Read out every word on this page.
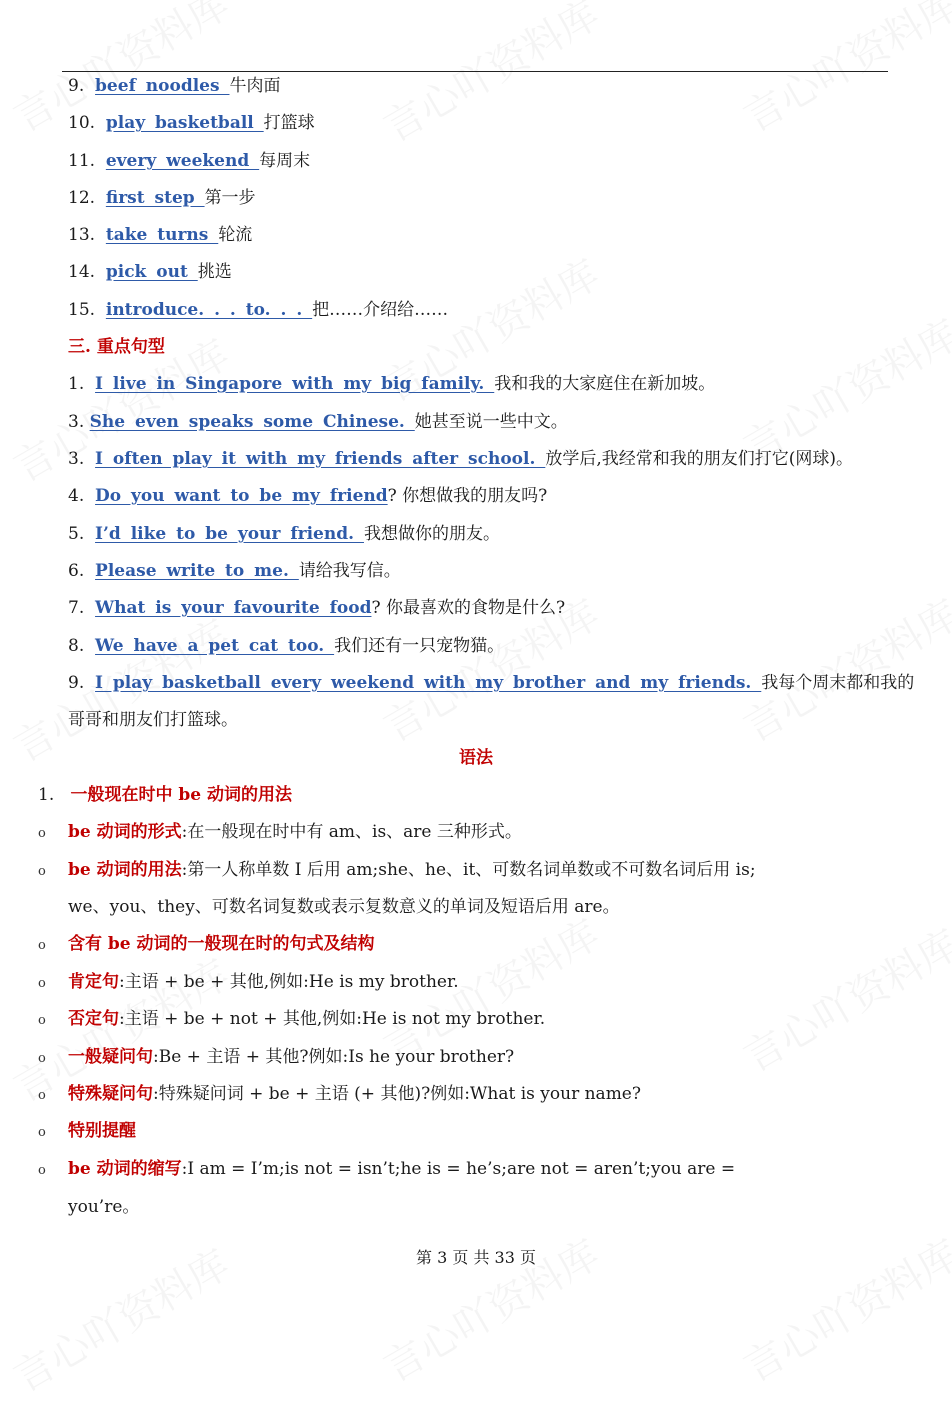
9. beef noodles 牛肉面
10. play basketball 打篮球
11. every weekend 每周末
12. first step 第一步
13. take turns 轮流
14. pick out 挑选
15. introduce. . . to. . . 把……介绍给……
三. 重点句型
1. I live in Singapore with my big family. 我和我的大家庭住在新加坡。
3. She even speaks some Chinese. 她甚至说一些中文。
3. I often play it with my friends after school. 放学后,我经常和我的朋友们打它(网球)。
4. Do you want to be my friend? 你想做我的朋友吗?
5. I’d like to be your friend. 我想做你的朋友。
6. Please write to me. 请给我写信。
7. What is your favourite food? 你最喜欢的食物是什么?
8. We have a pet cat too. 我们还有一只宠物猫。
9. I play basketball every weekend with my brother and my friends. 我每个周末都和我的
哥哥和朋友们打篮球。
语法
1. 一般现在时中 be 动词的用法
o be 动词的形式:在一般现在时中有 am、is、are 三种形式。
o be 动词的用法:第一人称单数 I 后用 am;she、he、it、可数名词单数或不可数名词后用 is;
we、you、they、可数名词复数或表示复数意义的单词及短语后用 are。
o 含有 be 动词的一般现在时的句式及结构
o 肯定句:主语 + be + 其他,例如:He is my brother.
o 否定句:主语 + be + not + 其他,例如:He is not my brother.
o 一般疑问句:Be + 主语 + 其他?例如:Is he your brother?
o 特殊疑问句:特殊疑问词 + be + 主语 (+ 其他)?例如:What is your name?
o 特别提醒
o be 动词的缩写:I am = I’m;is not = isn’t;he is = he’s;are not = aren’t;you are =
you’re。
第 3 页 共 33 页
